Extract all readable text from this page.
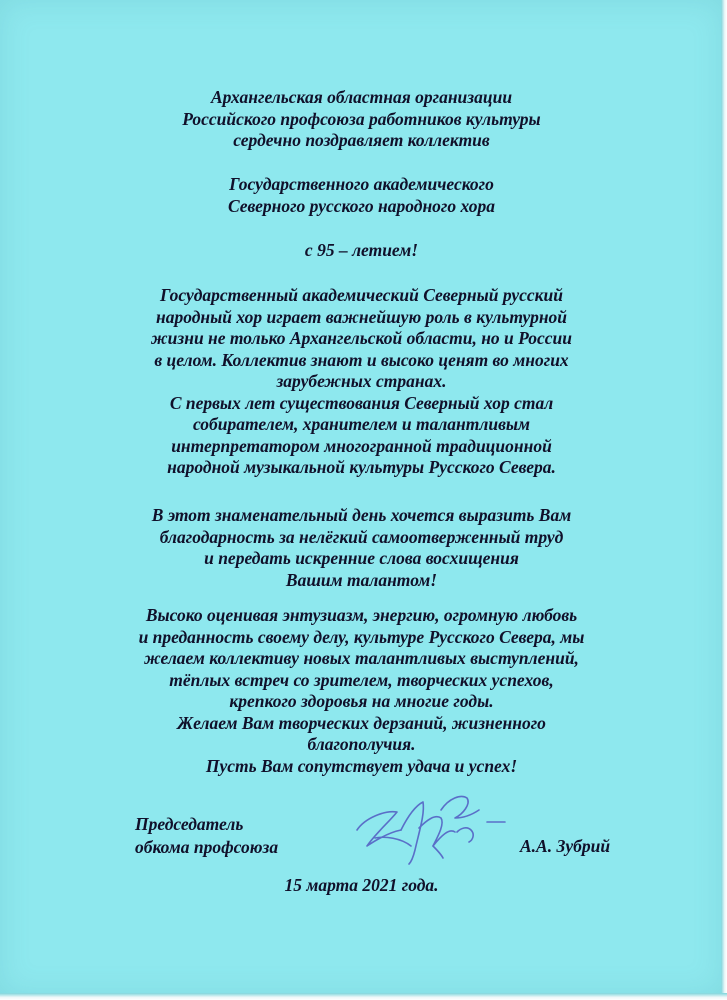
Архангельская областная организации
Российского профсоюза работников культуры
сердечно поздравляет коллектив
Государственного академического
Северного русского народного хора
с 95 – летием!
Государственный академический Северный русский
народный хор играет важнейшую роль в культурной
жизни не только Архангельской области, но и России
в целом. Коллектив знают и высоко ценят во многих
зарубежных странах.
С первых лет существования Северный хор стал
собирателем, хранителем и талантливым
интерпретатором многогранной традиционной
народной музыкальной культуры Русского Севера.
В этот знаменательный день хочется выразить Вам
благодарность за нелёгкий самоотверженный труд
и передать искренние слова восхищения
Вашим талантом!
Высоко оценивая энтузиазм, энергию, огромную любовь
и преданность своему делу, культуре Русского Севера, мы
желаем коллективу новых талантливых выступлений,
тёплых встреч со зрителем, творческих успехов,
крепкого здоровья на многие годы.
Желаем Вам творческих дерзаний, жизненного
благополучия.
Пусть Вам сопутствует удача и успех!
Председатель
обкома профсоюза	А.А. Зубрий
15 марта 2021 года.
